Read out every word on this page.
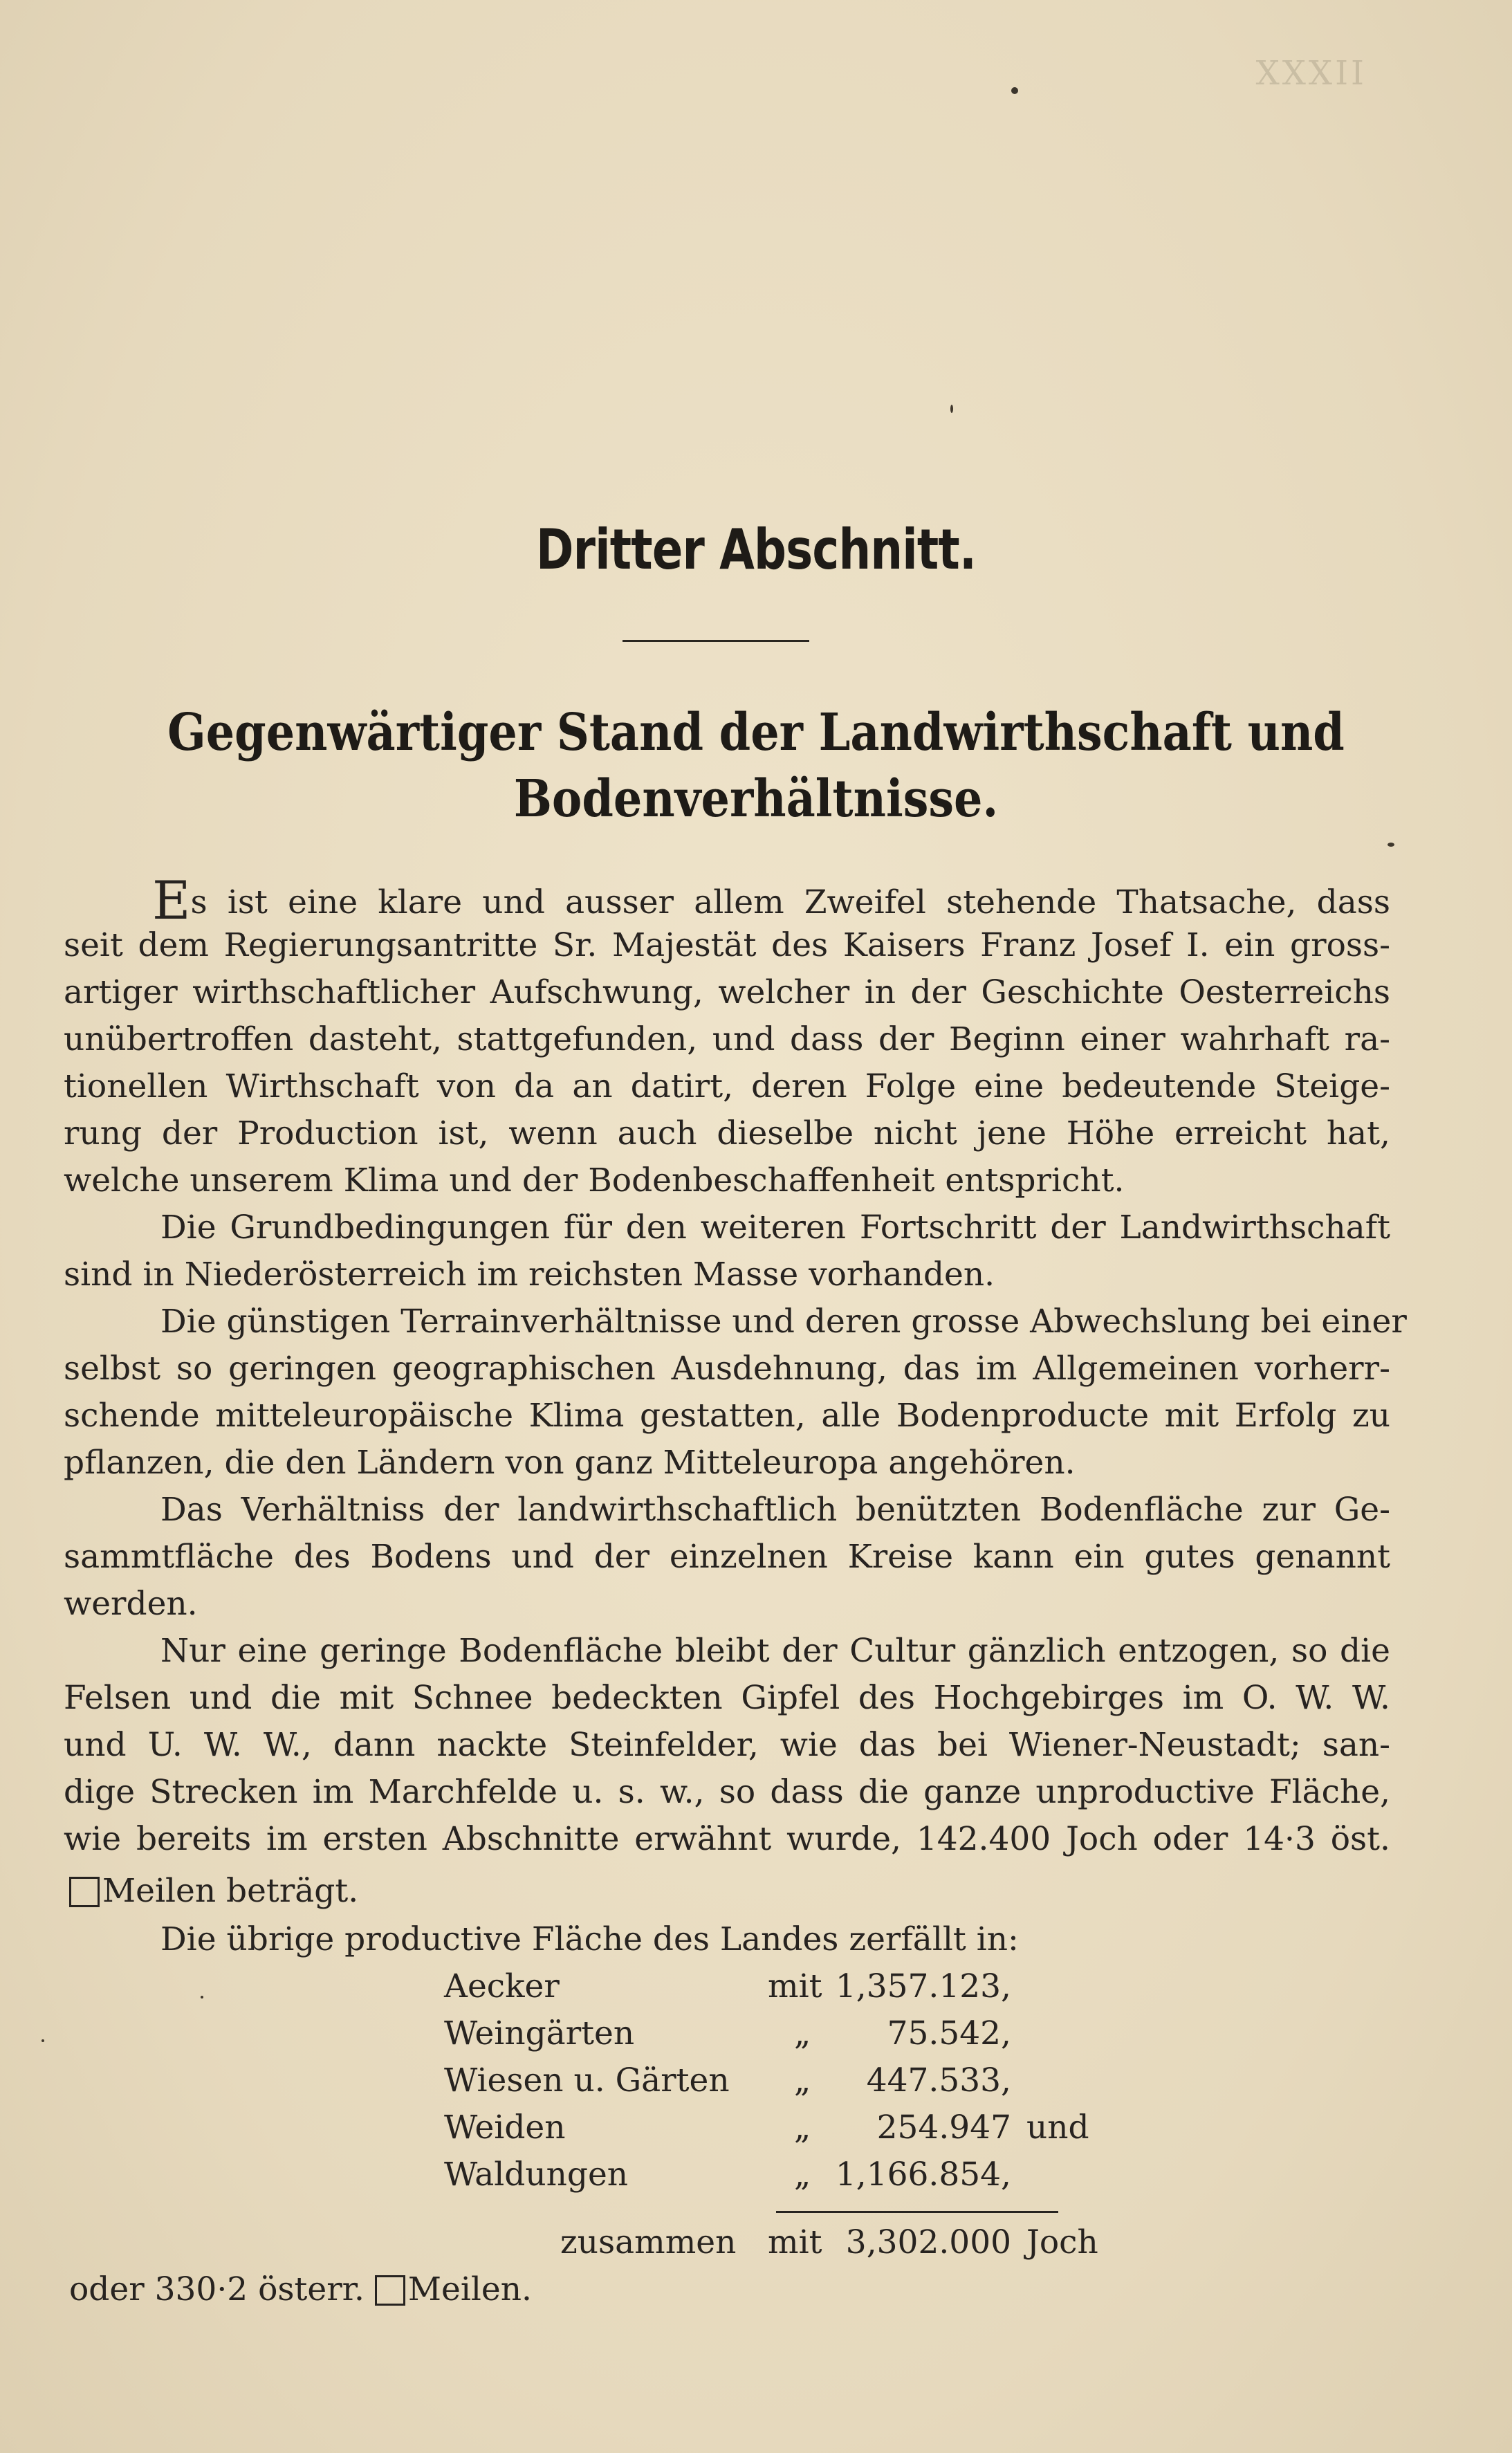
XXXII
Dritter Abschnitt.
Gegenwärtiger Stand der Landwirthschaft und
Bodenverhältnisse.
Es ist eine klare und ausser allem Zweifel stehende Thatsache, dass
seit dem Regierungsantritte Sr. Majestät des Kaisers Franz Josef I. ein gross-
artiger wirthschaftlicher Aufschwung, welcher in der Geschichte Oesterreichs
unübertroffen dasteht, stattgefunden, und dass der Beginn einer wahrhaft ra-
tionellen Wirthschaft von da an datirt, deren Folge eine bedeutende Steige-
rung der Production ist, wenn auch dieselbe nicht jene Höhe erreicht hat,
welche unserem Klima und der Bodenbeschaffenheit entspricht.
Die Grundbedingungen für den weiteren Fortschritt der Landwirthschaft
sind in Niederösterreich im reichsten Masse vorhanden.
Die günstigen Terrainverhältnisse und deren grosse Abwechslung bei einer
selbst so geringen geographischen Ausdehnung, das im Allgemeinen vorherr-
schende mitteleuropäische Klima gestatten, alle Bodenproducte mit Erfolg zu
pflanzen, die den Ländern von ganz Mitteleuropa angehören.
Das Verhältniss der landwirthschaftlich benützten Bodenfläche zur Ge-
sammtfläche des Bodens und der einzelnen Kreise kann ein gutes genannt
werden.
Nur eine geringe Bodenfläche bleibt der Cultur gänzlich entzogen, so die
Felsen und die mit Schnee bedeckten Gipfel des Hochgebirges im O. W. W.
und U. W. W., dann nackte Steinfelder, wie das bei Wiener-Neustadt; san-
dige Strecken im Marchfelde u. s. w., so dass die ganze unproductive Fläche,
wie bereits im ersten Abschnitte erwähnt wurde, 142.400 Joch oder 14·3 öst.
Meilen beträgt.
Die übrige productive Fläche des Landes zerfällt in:
Aecker	mit 1,357.123,
Weingärten	„	75.542,
Wiesen u. Gärten „	447.533,
Weiden	„	254.947 und
Waldungen	„ 1,166.854,
zusammen mit 3,302.000 Joch
oder 330·2 österr. Meilen.
